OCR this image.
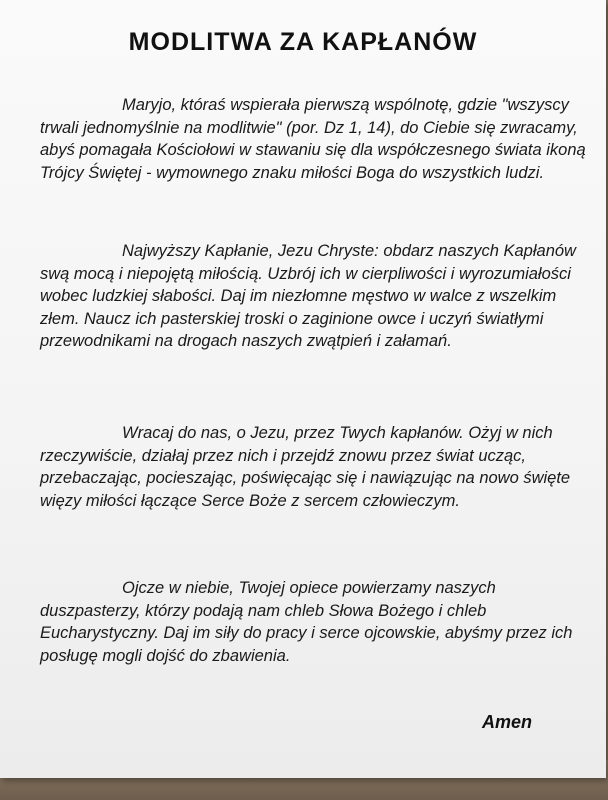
MODLITWA ZA KAPŁANÓW

Maryjo, któraś wspierała pierwszą wspólnotę, gdzie "wszyscy trwali jednomyślnie na modlitwie" (por. Dz 1, 14), do Ciebie się zwracamy, abyś pomagała Kościołowi w stawaniu się dla współczesnego świata ikoną Trójcy Świętej - wymownego znaku miłości Boga do wszystkich ludzi.

Najwyższy Kapłanie, Jezu Chryste: obdarz naszych Kapłanów swą mocą i niepojętą miłością. Uzbrój ich w cierpliwości i wyrozumiałości wobec ludzkiej słabości. Daj im niezłomne męstwo w walce z wszelkim złem. Naucz ich pasterskiej troski o zaginione owce i uczyń światłymi przewodnikami na drogach naszych zwątpień i załamań.

Wracaj do nas, o Jezu, przez Twych kapłanów. Ożyj w nich rzeczywiście, działaj przez nich i przejdź znowu przez świat ucząc, przebaczając, pocieszając, poświęcając się i nawiązując na nowo święte więzy miłości łączące Serce Boże z sercem człowieczym.

Ojcze w niebie, Twojej opiece powierzamy naszych duszpasterzy, którzy podają nam chleb Słowa Bożego i chleb Eucharystyczny. Daj im siły do pracy i serce ojcowskie, abyśmy przez ich posługę mogli dojść do zbawienia.

Amen
